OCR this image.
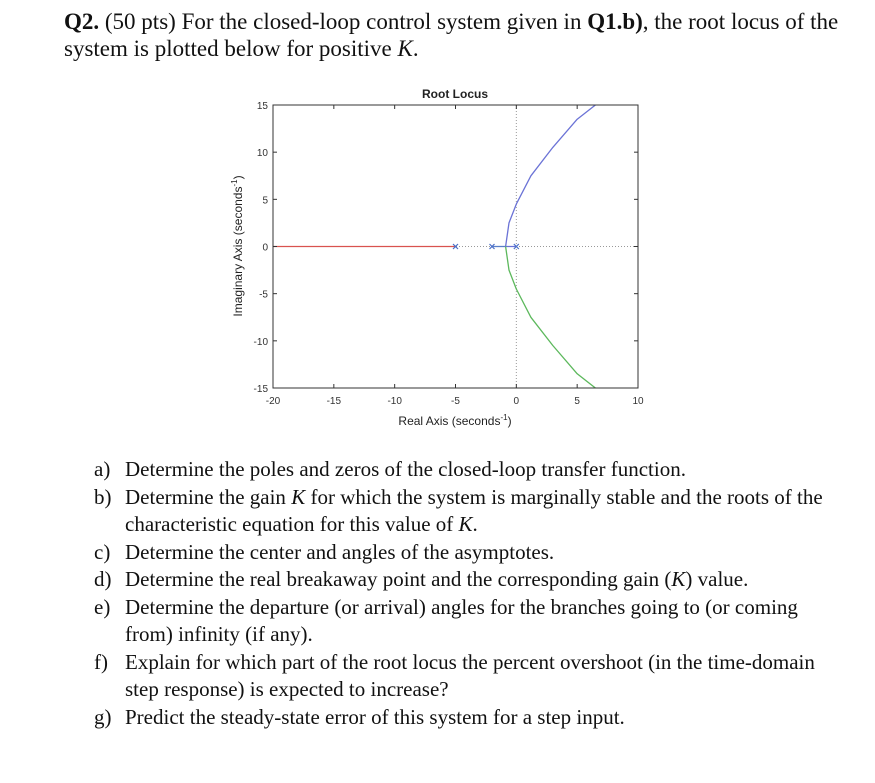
Q2. (50 pts) For the closed-loop control system given in Q1.b), the root locus of the system is plotted below for positive K.
Root Locus
-20	-15	-10	-5	0	5	10
-15
-10
-5
0
5
10
15
Real Axis (seconds$^{-1}$)
Imaginary Axis (seconds$^{-1}$)
a) Determine the poles and zeros of the closed-loop transfer function.
b) Determine the gain K for which the system is marginally stable and the roots of the characteristic equation for this value of K.
c) Determine the center and angles of the asymptotes.
d) Determine the real breakaway point and the corresponding gain (K) value.
e) Determine the departure (or arrival) angles for the branches going to (or coming from) infinity (if any).
f) Explain for which part of the root locus the percent overshoot (in the time-domain step response) is expected to increase?
g) Predict the steady-state error of this system for a step input.
